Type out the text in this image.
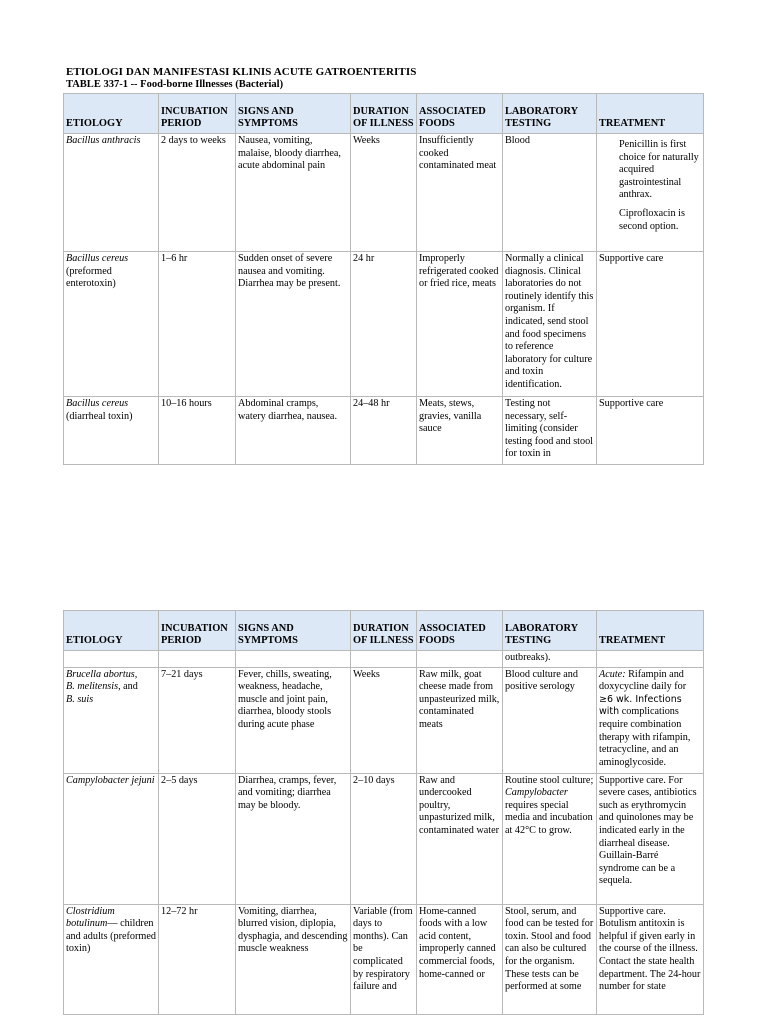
ETIOLOGI DAN MANIFESTASI KLINIS ACUTE GATROENTERITIS
TABLE 337-1 -- Food-borne Illnesses (Bacterial)
ETIOLOGY	INCUBATION PERIOD	SIGNS AND SYMPTOMS	DURATION OF ILLNESS	ASSOCIATED FOODS	LABORATORY TESTING	TREATMENT
Bacillus anthracis	2 days to weeks	Nausea, vomiting, malaise, bloody diarrhea, acute abdominal pain	Weeks	Insufficiently cooked contaminated meat	Blood	Penicillin is first choice for naturally acquired gastrointestinal anthrax.

Ciprofloxacin is second option.

Bacillus cereus
(preformed enterotoxin)	1–6 hr	Sudden onset of severe nausea and vomiting. Diarrhea may be present.	24 hr	Improperly refrigerated cooked or fried rice, meats	Normally a clinical diagnosis. Clinical laboratories do not routinely identify this organism. If indicated, send stool and food specimens to reference laboratory for culture and toxin identification.	Supportive care
Bacillus cereus
(diarrheal toxin)	10–16 hours	Abdominal cramps, watery diarrhea, nausea.	24–48 hr	Meats, stews, gravies, vanilla sauce	Testing not necessary, self-limiting (consider testing food and stool for toxin in	Supportive care
ETIOLOGY	INCUBATION PERIOD	SIGNS AND SYMPTOMS	DURATION OF ILLNESS	ASSOCIATED FOODS	LABORATORY TESTING	TREATMENT
					outbreaks).	
Brucella abortus,
B. melitensis, and
B. suis	7–21 days	Fever, chills, sweating, weakness, headache, muscle and joint pain, diarrhea, bloody stools during acute phase	Weeks	Raw milk, goat cheese made from unpasteurized milk, contaminated meats	Blood culture and positive serology	Acute: Rifampin and doxycycline daily for ≥6 wk. Infections with complications require combination therapy with rifampin, tetracycline, and an aminoglycoside.
Campylobacter jejuni	2–5 days	Diarrhea, cramps, fever, and vomiting; diarrhea may be bloody.	2–10 days	Raw and undercooked poultry, unpasturized milk, contaminated water	Routine stool culture; Campylobacter requires special media and incubation at 42°C to grow.	Supportive care. For severe cases, antibiotics such as erythromycin and quinolones may be indicated early in the diarrheal disease. Guillain-Barré syndrome can be a sequela.
Clostridium botulinum— children and adults (preformed toxin)	12–72 hr	Vomiting, diarrhea, blurred vision, diplopia, dysphagia, and descending muscle weakness	Variable (from days to months). Can be complicated by respiratory failure and	Home-canned foods with a low acid content, improperly canned commercial foods, home-canned or	Stool, serum, and food can be tested for toxin. Stool and food can also be cultured for the organism. These tests can be performed at some	Supportive care. Botulism antitoxin is helpful if given early in the course of the illness. Contact the state health department. The 24-hour number for state
